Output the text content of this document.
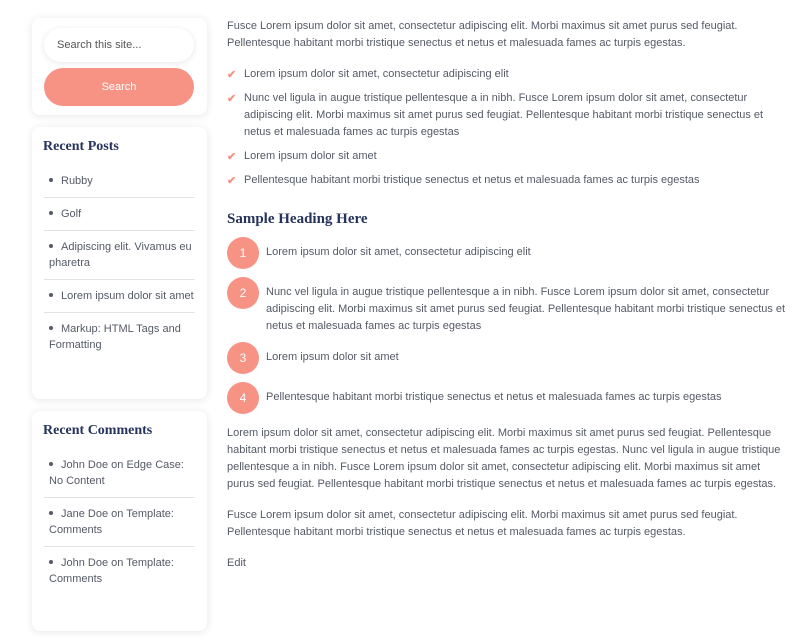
Search this site...
Search
Recent Posts
Rubby
Golf
Adipiscing elit. Vivamus eu pharetra
Lorem ipsum dolor sit amet
Markup: HTML Tags and Formatting
Recent Comments
John Doe on Edge Case: No Content
Jane Doe on Template: Comments
John Doe on Template: Comments

Fusce Lorem ipsum dolor sit amet, consectetur adipiscing elit. Morbi maximus sit amet purus sed feugiat. Pellentesque habitant morbi tristique senectus et netus et malesuada fames ac turpis egestas.

✔ Lorem ipsum dolor sit amet, consectetur adipiscing elit
✔ Nunc vel ligula in augue tristique pellentesque a in nibh. Fusce Lorem ipsum dolor sit amet, consectetur adipiscing elit. Morbi maximus sit amet purus sed feugiat. Pellentesque habitant morbi tristique senectus et netus et malesuada fames ac turpis egestas
✔ Lorem ipsum dolor sit amet
✔ Pellentesque habitant morbi tristique senectus et netus et malesuada fames ac turpis egestas
Sample Heading Here
1	Lorem ipsum dolor sit amet, consectetur adipiscing elit
2	Nunc vel ligula in augue tristique pellentesque a in nibh. Fusce Lorem ipsum dolor sit amet, consectetur adipiscing elit. Morbi maximus sit amet purus sed feugiat. Pellentesque habitant morbi tristique senectus et netus et malesuada fames ac turpis egestas
3	Lorem ipsum dolor sit amet
4	Pellentesque habitant morbi tristique senectus et netus et malesuada fames ac turpis egestas

Lorem ipsum dolor sit amet, consectetur adipiscing elit. Morbi maximus sit amet purus sed feugiat. Pellentesque habitant morbi tristique senectus et netus et malesuada fames ac turpis egestas. Nunc vel ligula in augue tristique pellentesque a in nibh. Fusce Lorem ipsum dolor sit amet, consectetur adipiscing elit. Morbi maximus sit amet purus sed feugiat. Pellentesque habitant morbi tristique senectus et netus et malesuada fames ac turpis egestas.

Fusce Lorem ipsum dolor sit amet, consectetur adipiscing elit. Morbi maximus sit amet purus sed feugiat. Pellentesque habitant morbi tristique senectus et netus et malesuada fames ac turpis egestas.

Edit
